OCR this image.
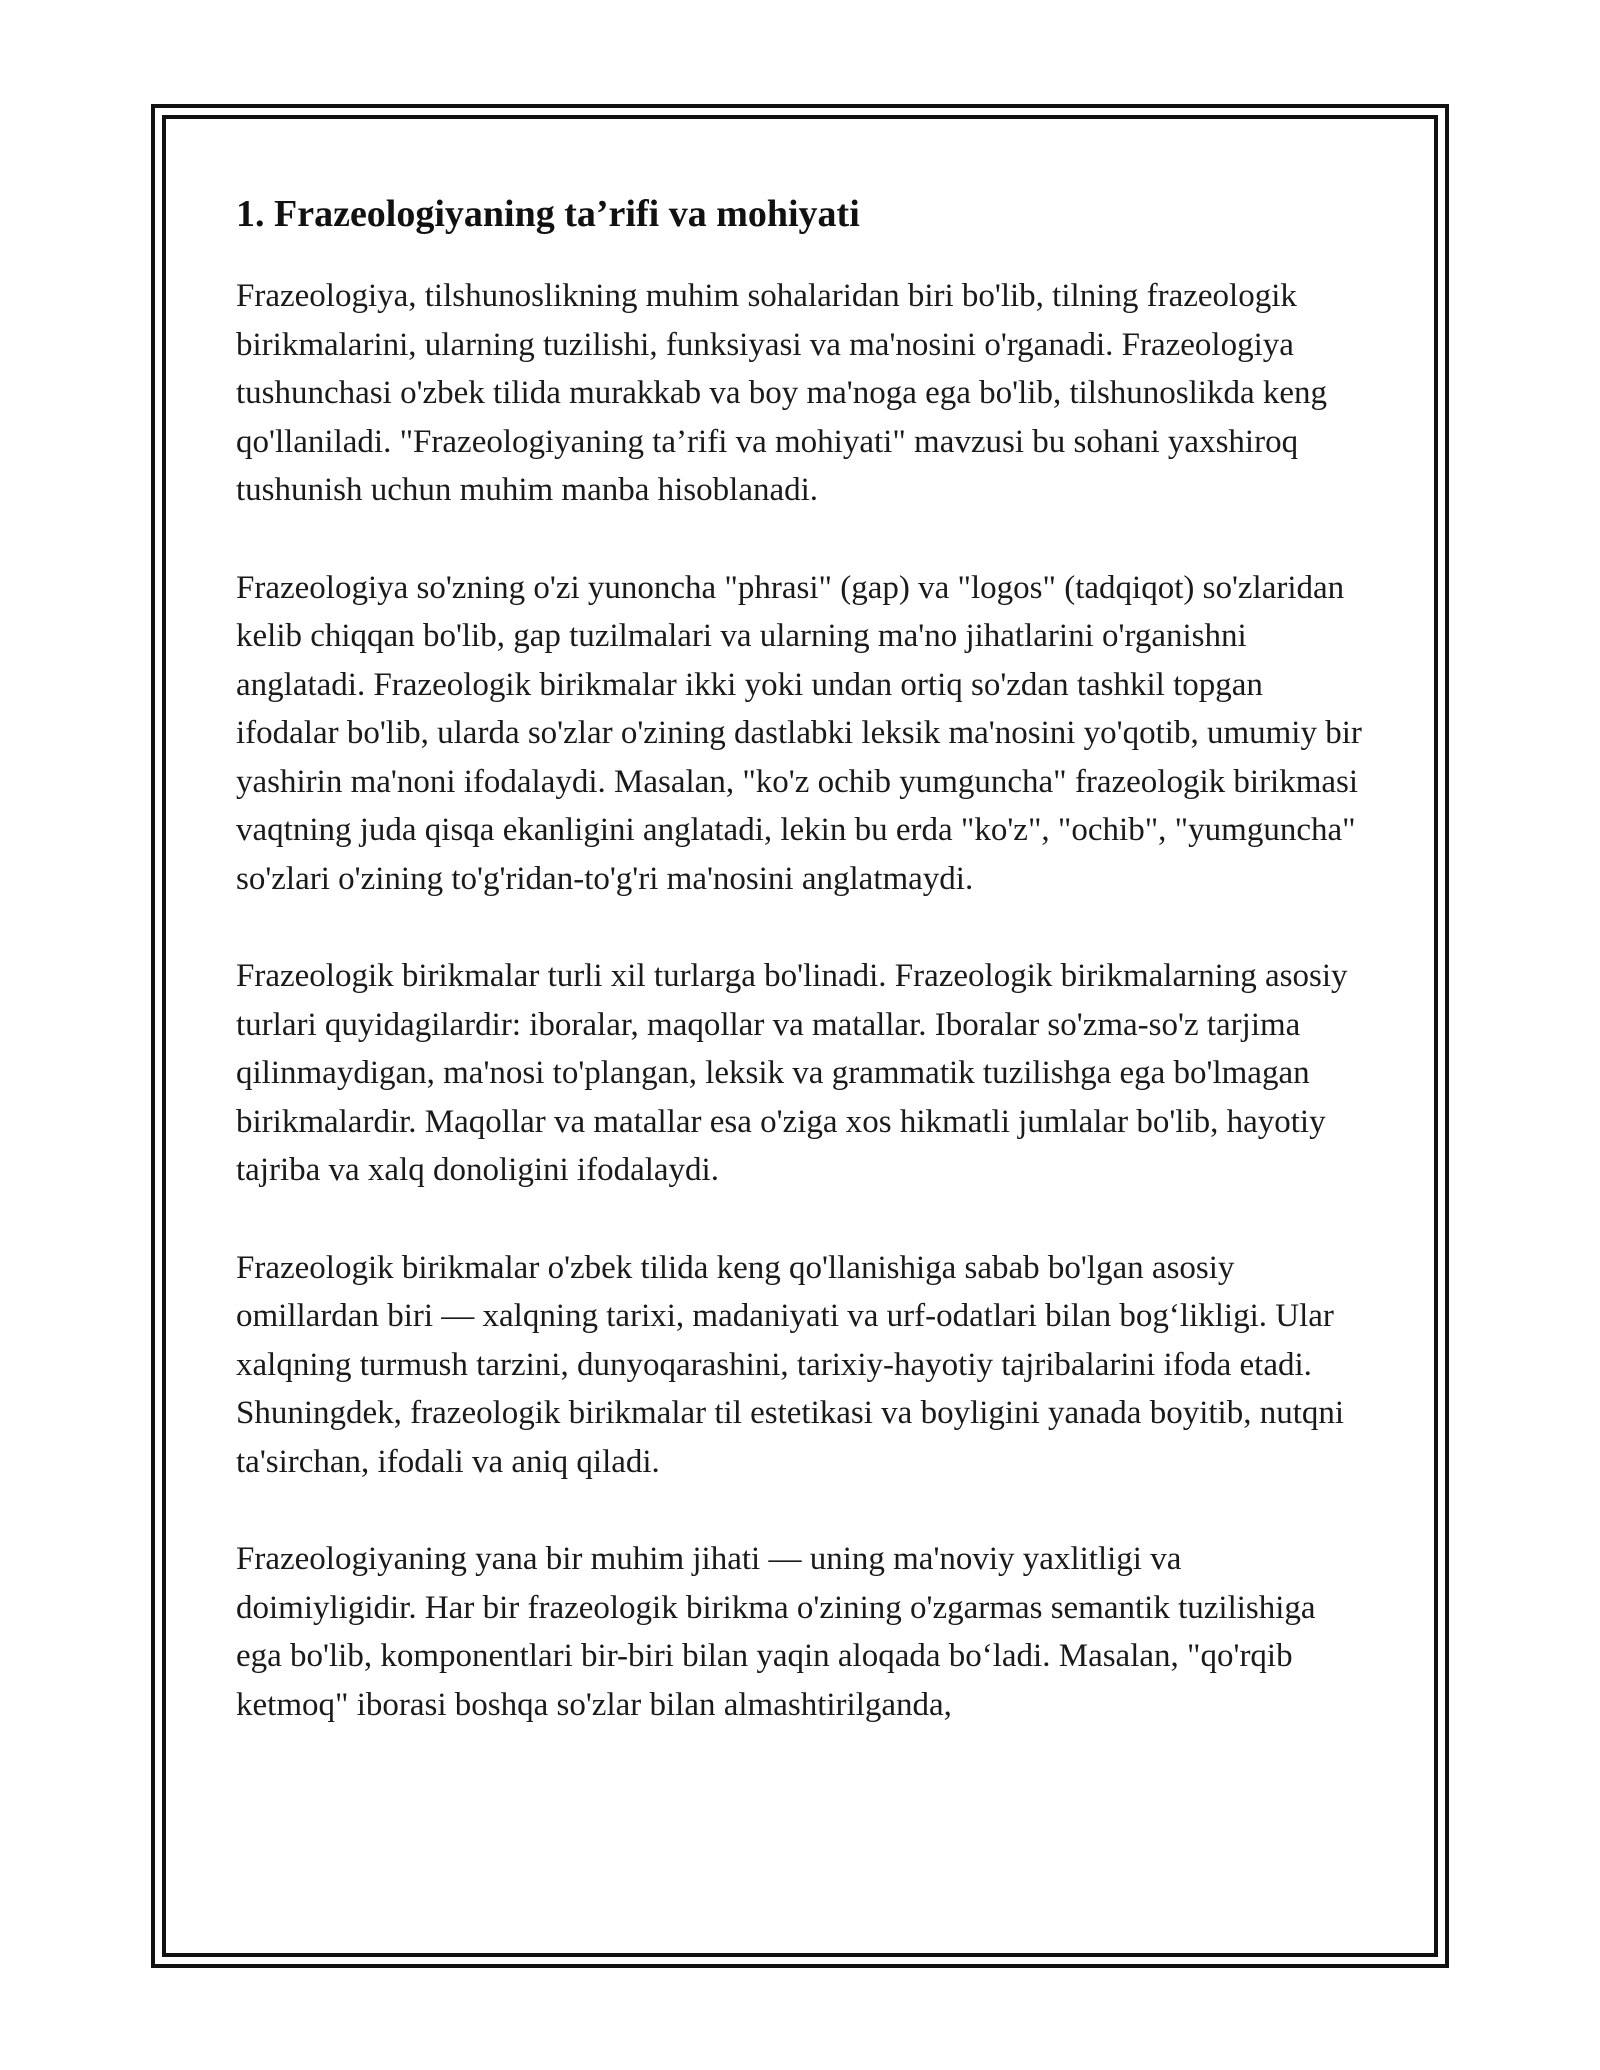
1. Frazeologiyaning ta’rifi va mohiyati

Frazeologiya, tilshunoslikning muhim sohalaridan biri bo'lib, tilning frazeologik birikmalarini, ularning tuzilishi, funksiyasi va ma'nosini o'rganadi. Frazeologiya tushunchasi o'zbek tilida murakkab va boy ma'noga ega bo'lib, tilshunoslikda keng qo'llaniladi. "Frazeologiyaning ta’rifi va mohiyati" mavzusi bu sohani yaxshiroq tushunish uchun muhim manba hisoblanadi.

Frazeologiya so'zning o'zi yunoncha "phrasi" (gap) va "logos" (tadqiqot) so'zlaridan kelib chiqqan bo'lib, gap tuzilmalari va ularning ma'no jihatlarini o'rganishni anglatadi. Frazeologik birikmalar ikki yoki undan ortiq so'zdan tashkil topgan ifodalar bo'lib, ularda so'zlar o'zining dastlabki leksik ma'nosini yo'qotib, umumiy bir yashirin ma'noni ifodalaydi. Masalan, "ko'z ochib yumguncha" frazeologik birikmasi vaqtning juda qisqa ekanligini anglatadi, lekin bu erda "ko'z", "ochib", "yumguncha" so'zlari o'zining to'g'ridan-to'g'ri ma'nosini anglatmaydi.

Frazeologik birikmalar turli xil turlarga bo'linadi. Frazeologik birikmalarning asosiy turlari quyidagilardir: iboralar, maqollar va matallar. Iboralar so'zma-so'z tarjima qilinmaydigan, ma'nosi to'plangan, leksik va grammatik tuzilishga ega bo'lmagan birikmalardir. Maqollar va matallar esa o'ziga xos hikmatli jumlalar bo'lib, hayotiy tajriba va xalq donoligini ifodalaydi.

Frazeologik birikmalar o'zbek tilida keng qo'llanishiga sabab bo'lgan asosiy omillardan biri — xalqning tarixi, madaniyati va urf-odatlari bilan bog‘likligi. Ular xalqning turmush tarzini, dunyoqarashini, tarixiy-hayotiy tajribalarini ifoda etadi. Shuningdek, frazeologik birikmalar til estetikasi va boyligini yanada boyitib, nutqni ta'sirchan, ifodali va aniq qiladi.

Frazeologiyaning yana bir muhim jihati — uning ma'noviy yaxlitligi va doimiyligidir. Har bir frazeologik birikma o'zining o'zgarmas semantik tuzilishiga ega bo'lib, komponentlari bir-biri bilan yaqin aloqada bo‘ladi. Masalan, "qo'rqib ketmoq" iborasi boshqa so'zlar bilan almashtirilganda,
